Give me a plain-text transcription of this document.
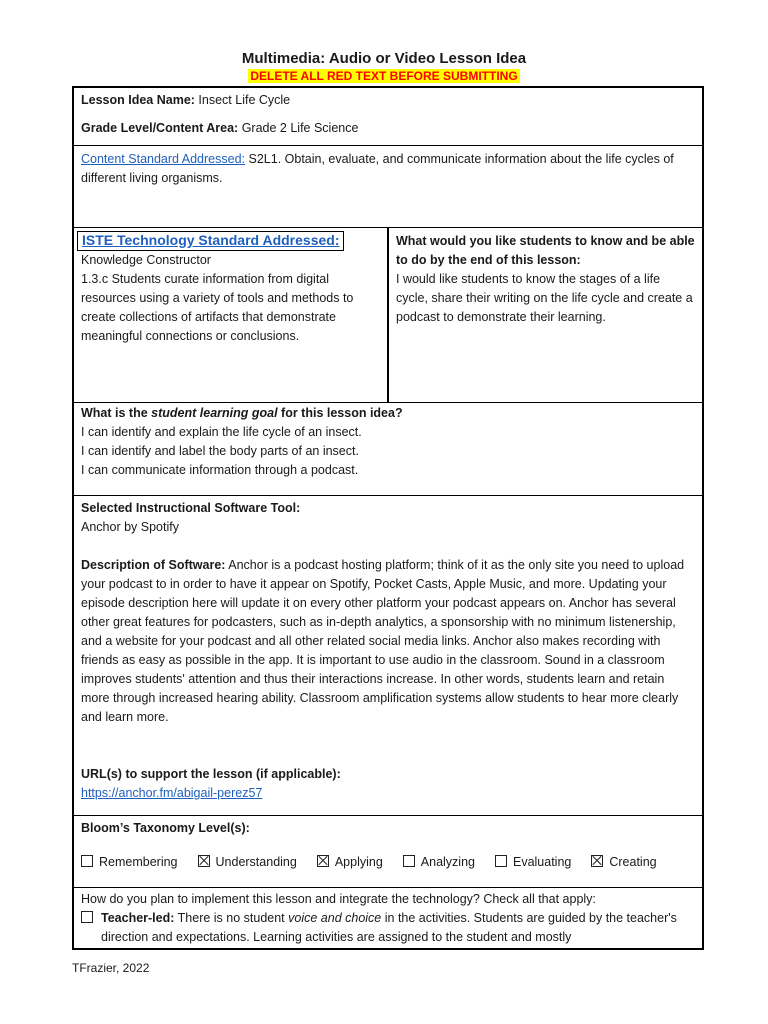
Multimedia: Audio or Video Lesson Idea
DELETE ALL RED TEXT BEFORE SUBMITTING

Lesson Idea Name: Insect Life Cycle

Grade Level/Content Area: Grade 2 Life Science

Content Standard Addressed: S2L1. Obtain, evaluate, and communicate information about the life cycles of different living organisms.

ISTE Technology Standard Addressed:

Knowledge Constructor

1.3.c Students curate information from digital resources using a variety of tools and methods to create collections of artifacts that demonstrate meaningful connections or conclusions.

What would you like students to know and be able to do by the end of this lesson:

I would like students to know the stages of a life cycle, share their writing on the life cycle and create a podcast to demonstrate their learning.

What is the student learning goal for this lesson idea?

I can identify and explain the life cycle of an insect.

I can identify and label the body parts of an insect.

I can communicate information through a podcast.

Selected Instructional Software Tool:

Anchor by Spotify

Description of Software: Anchor is a podcast hosting platform; think of it as the only site you need to upload your podcast to in order to have it appear on Spotify, Pocket Casts, Apple Music, and more. Updating your episode description here will update it on every other platform your podcast appears on. Anchor has several other great features for podcasters, such as in-depth analytics, a sponsorship with no minimum listenership, and a website for your podcast and all other related social media links. Anchor also makes recording with friends as easy as possible in the app. It is important to use audio in the classroom. Sound in a classroom improves students' attention and thus their interactions increase. In other words, students learn and retain more through increased hearing ability. Classroom amplification systems allow students to hear more clearly and learn more.

URL(s) to support the lesson (if applicable):

https://anchor.fm/abigail-perez57

Bloom’s Taxonomy Level(s):

Remembering	Understanding	Applying	Analyzing	Evaluating	Creating

How do you plan to implement this lesson and integrate the technology? Check all that apply:

Teacher-led: There is no student voice and choice in the activities. Students are guided by the teacher's direction and expectations. Learning activities are assigned to the student and mostly

TFrazier, 2022
